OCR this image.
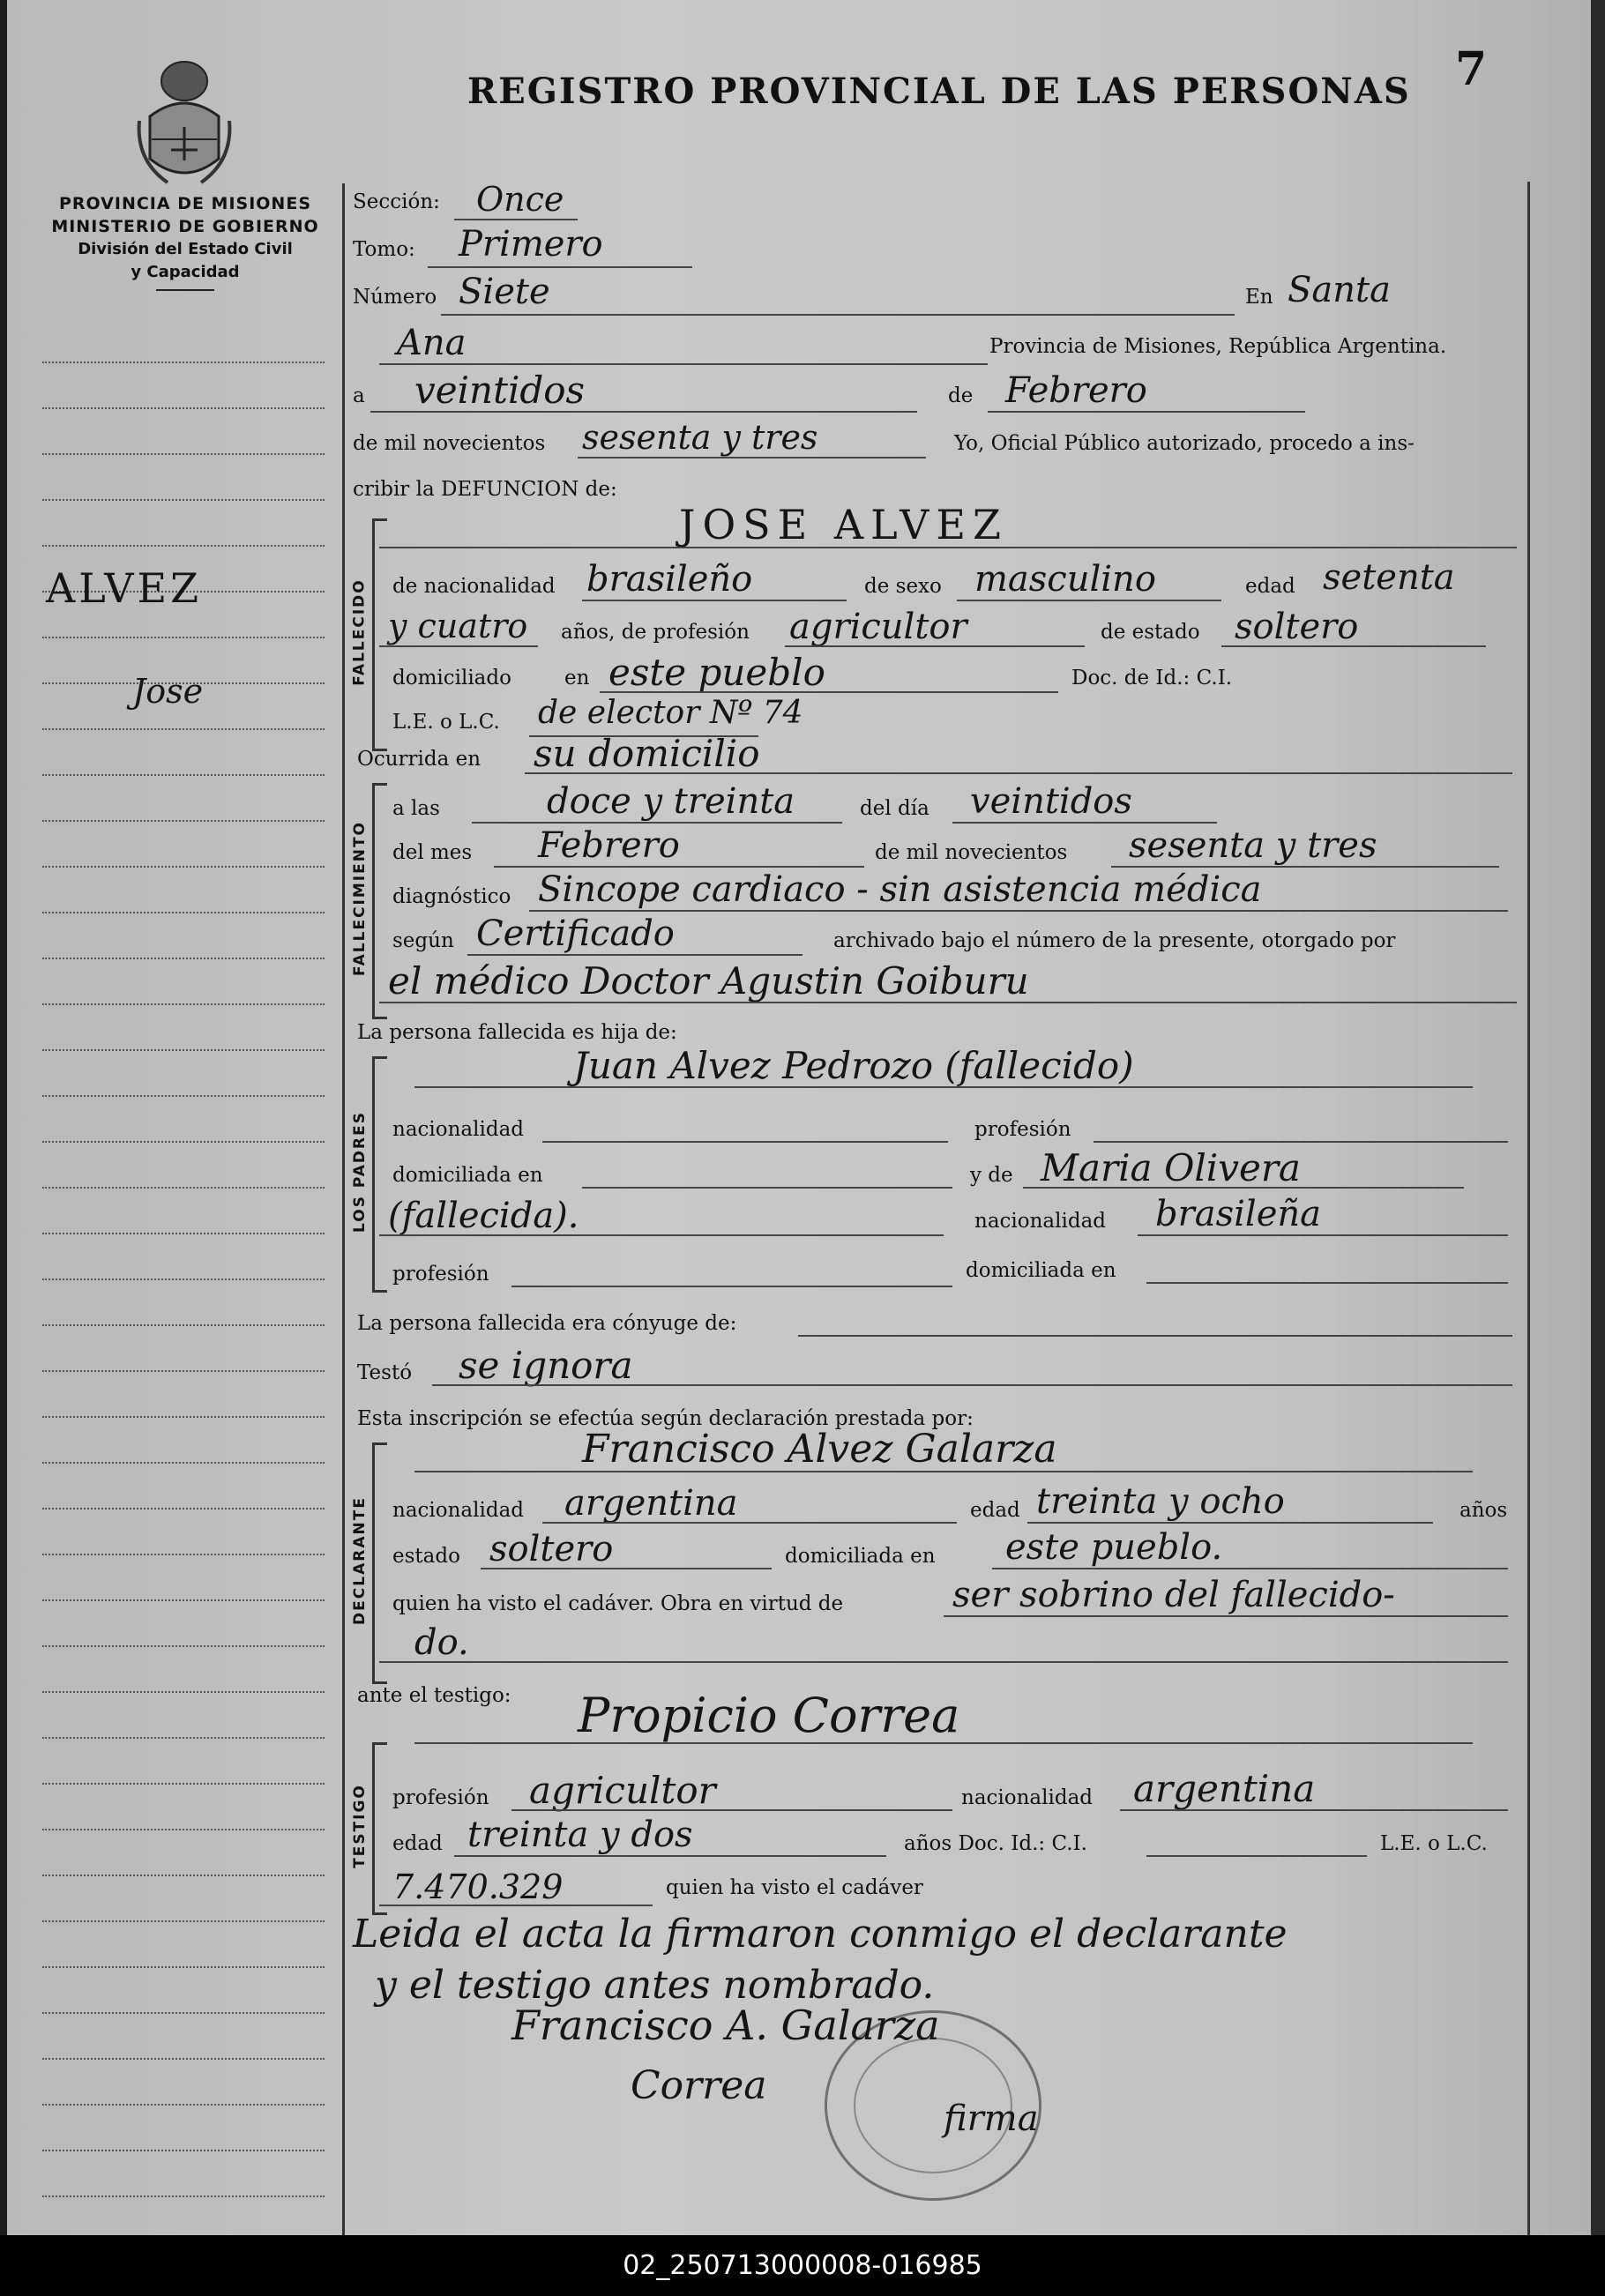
PROVINCIA DE MISIONES
MINISTERIO DE GOBIERNO
División del Estado Civil
y Capacidad
REGISTRO PROVINCIAL DE LAS PERSONAS 7
ALVEZ
Jose
Sección: Once
Tomo: Primero
Número Siete	En Santa
Ana	Provincia de Misiones, República Argentina.
a veintidos	de Febrero
de mil novecientos sesenta y tres	Yo, Oficial Público autorizado, procedo a ins-
cribir la DEFUNCION de:
FALLECIDO
JOSE ALVEZ
de nacionalidad brasileño	de sexo masculino	edad setenta
y cuatro años, de profesión agricultor	de estado soltero
domiciliado	en este pueblo	Doc. de Id.: C.I.
L.E. o L.C. de elector Nº 74
Ocurrida en su domicilio
FALLECIMIENTO
a las	doce y treinta	del día veintidos
del mes Febrero	de mil novecientos sesenta y tres
diagnóstico Sincope cardiaco - sin asistencia médica
según Certificado	archivado bajo el número de la presente, otorgado por
el médico Doctor Agustin Goiburu
La persona fallecida es hija de:
LOS PADRES
Juan Alvez Pedrozo (fallecido)
nacionalidad	profesión
domiciliada en	y de Maria Olivera
(fallecida).	nacionalidad brasileña
profesión	domiciliada en
La persona fallecida era cónyuge de:
Testó se ignora
Esta inscripción se efectúa según declaración prestada por:
DECLARANTE
Francisco Alvez Galarza
nacionalidad argentina	edad treinta y ocho	años
estado soltero	domiciliada en este pueblo.
quien ha visto el cadáver. Obra en virtud de	ser sobrino del fallecido-
do.
ante el testigo: Propicio Correa
TESTIGO profesión agricultor	nacionalidad argentina
edad treinta y dos	años Doc. Id.: C.I.	L.E. o L.C.
7.470.329	quien ha visto el cadáver
Leida el acta la firmaron conmigo el declarante
y el testigo antes nombrado.
Francisco A. Galarza
Correa
firma
02_250713000008-016985
